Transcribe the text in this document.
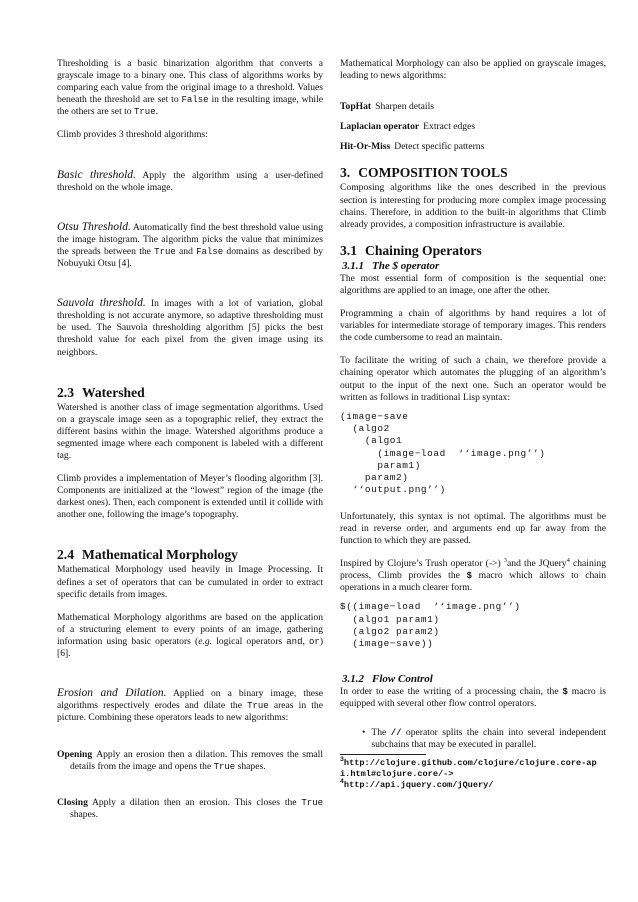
Thresholding is a basic binarization algorithm that converts a grayscale image to a binary one. This class of algorithms works by comparing each value from the original image to a threshold. Values beneath the threshold are set to False in the resulting image, while the others are set to True.

Climb provides 3 threshold algorithms:

Basic threshold. Apply the algorithm using a user-defined threshold on the whole image.

Otsu Threshold. Automatically find the best threshold value using the image histogram. The algorithm picks the value that minimizes the spreads between the True and False domains as described by Nobuyuki Otsu [4].

Sauvola threshold. In images with a lot of variation, global thresholding is not accurate anymore, so adaptive thresholding must be used. The Sauvola thresholding algorithm [5] picks the best threshold value for each pixel from the given image using its neighbors.

2.3 Watershed

Watershed is another class of image segmentation algorithms. Used on a grayscale image seen as a topographic relief, they extract the different basins within the image. Watershed algorithms produce a segmented image where each component is labeled with a different tag.

Climb provides a implementation of Meyer’s flooding algorithm [3]. Components are initialized at the “lowest” region of the image (the darkest ones). Then, each component is extended until it collide with another one, following the image’s topography.

2.4 Mathematical Morphology

Mathematical Morphology used heavily in Image Processing. It defines a set of operators that can be cumulated in order to extract specific details from images.

Mathematical Morphology algorithms are based on the application of a structuring element to every points of an image, gathering information using basic operators (e.g. logical operators and, or) [6].

Erosion and Dilation. Applied on a binary image, these algorithms respectively erodes and dilate the True areas in the picture. Combining these operators leads to new algorithms:

Opening Apply an erosion then a dilation. This removes the small details from the image and opens the True shapes.

Closing Apply a dilation then an erosion. This closes the True shapes.

Mathematical Morphology can also be applied on grayscale images, leading to news algorithms:

TopHat Sharpen details

Laplacian operator Extract edges

Hit-Or-Miss Detect specific patterns

3. COMPOSITION TOOLS

Composing algorithms like the ones described in the previous section is interesting for producing more complex image processing chains. Therefore, in addition to the built-in algorithms that Climb already provides, a composition infrastructure is available.

3.1 Chaining Operators
3.1.1 The $ operator

The most essential form of composition is the sequential one: algorithms are applied to an image, one after the other.

Programming a chain of algorithms by hand requires a lot of variables for intermediate storage of temporary images. This renders the code cumbersome to read an maintain.

To facilitate the writing of such a chain, we therefore provide a chaining operator which automates the plugging of an algorithm’s output to the input of the next one. Such an operator would be written as follows in traditional Lisp syntax:

(image−save
(algo2
(algo1
(image−load  ‘‘image.png’’)
param1)
param2)
‘‘output.png’’)

Unfortunately, this syntax is not optimal. The algorithms must be read in reverse order, and arguments end up far away from the function to which they are passed.

Inspired by Clojure’s Trush operator (->) $^3$and the JQuery$^4$ chaining process, Climb provides the $ macro which allows to chain operations in a much clearer form.

$((image−load  ‘‘image.png’’)
(algo1 param1)
(algo2 param2)
(image−save))
3.1.2 Flow Control

In order to ease the writing of a processing chain, the $ macro is equipped with several other flow control operators.

• The // operator splits the chain into several independent subchains that may be executed in parallel.

$^3$http://clojure.github.com/clojure/clojure.core-api.html#clojure.core/->

$^4$http://api.jquery.com/jQuery/
